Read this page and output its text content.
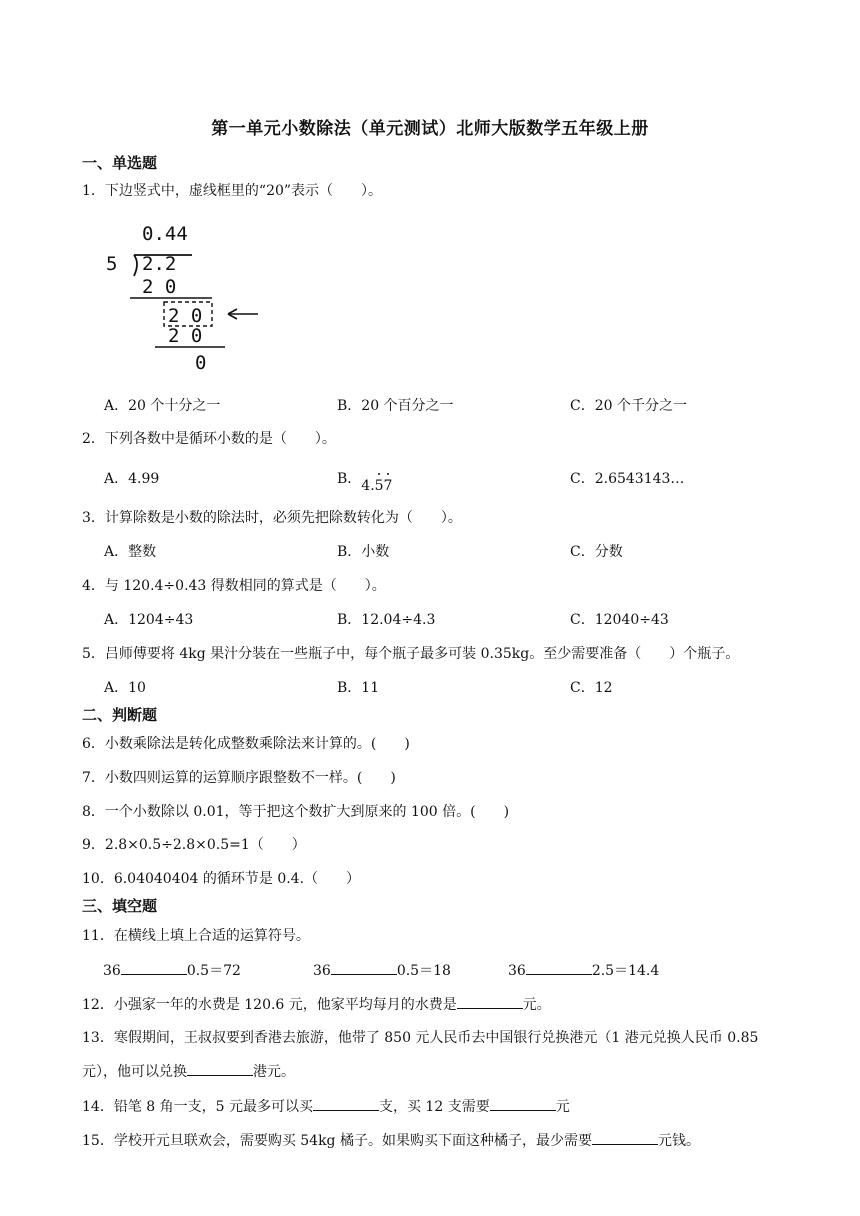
第一单元小数除法（单元测试）北师大版数学五年级上册
一、单选题
1．下边竖式中，虚线框里的“20”表示（　　）。
0.44
5 2.2
2 0
2 0
2 0
0
A．20 个十分之一	B．20 个百分之一	C．20 个千分之一
2．下列各数中是循环小数的是（　　）。
A．4.99	B．
4.57	C．2.6543143…
3．计算除数是小数的除法时，必须先把除数转化为（　　）。
A．整数	B．小数	C．分数
4．与 120.4÷0.43 得数相同的算式是（　　）。
A．1204÷43	B．12.04÷4.3	C．12040÷43
5．吕师傅要将 4kg 果汁分装在一些瓶子中，每个瓶子最多可装 0.35kg。至少需要准备（　　）个瓶子。
A．10	B．11	C．12
二、判断题
6．小数乘除法是转化成整数乘除法来计算的。(　　)
7．小数四则运算的运算顺序跟整数不一样。(　　)
8．一个小数除以 0.01，等于把这个数扩大到原来的 100 倍。(　　)
9．2.8×0.5÷2.8×0.5=1（　　）
10．6.04040404 的循环节是 0.4.（　　）
三、填空题
11．在横线上填上合适的运算符号。
36	0.5＝72	36	0.5＝18	36	2.5＝14.4
12．小强家一年的水费是 120.6 元，他家平均每月的水费是	元。
13．寒假期间，王叔叔要到香港去旅游，他带了 850 元人民币去中国银行兑换港元（1 港元兑换人民币 0.85
元），他可以兑换	港元。
14．铅笔 8 角一支，5 元最多可以买	支，买 12 支需要	元
15．学校开元旦联欢会，需要购买 54kg 橘子。如果购买下面这种橘子，最少需要	元钱。
